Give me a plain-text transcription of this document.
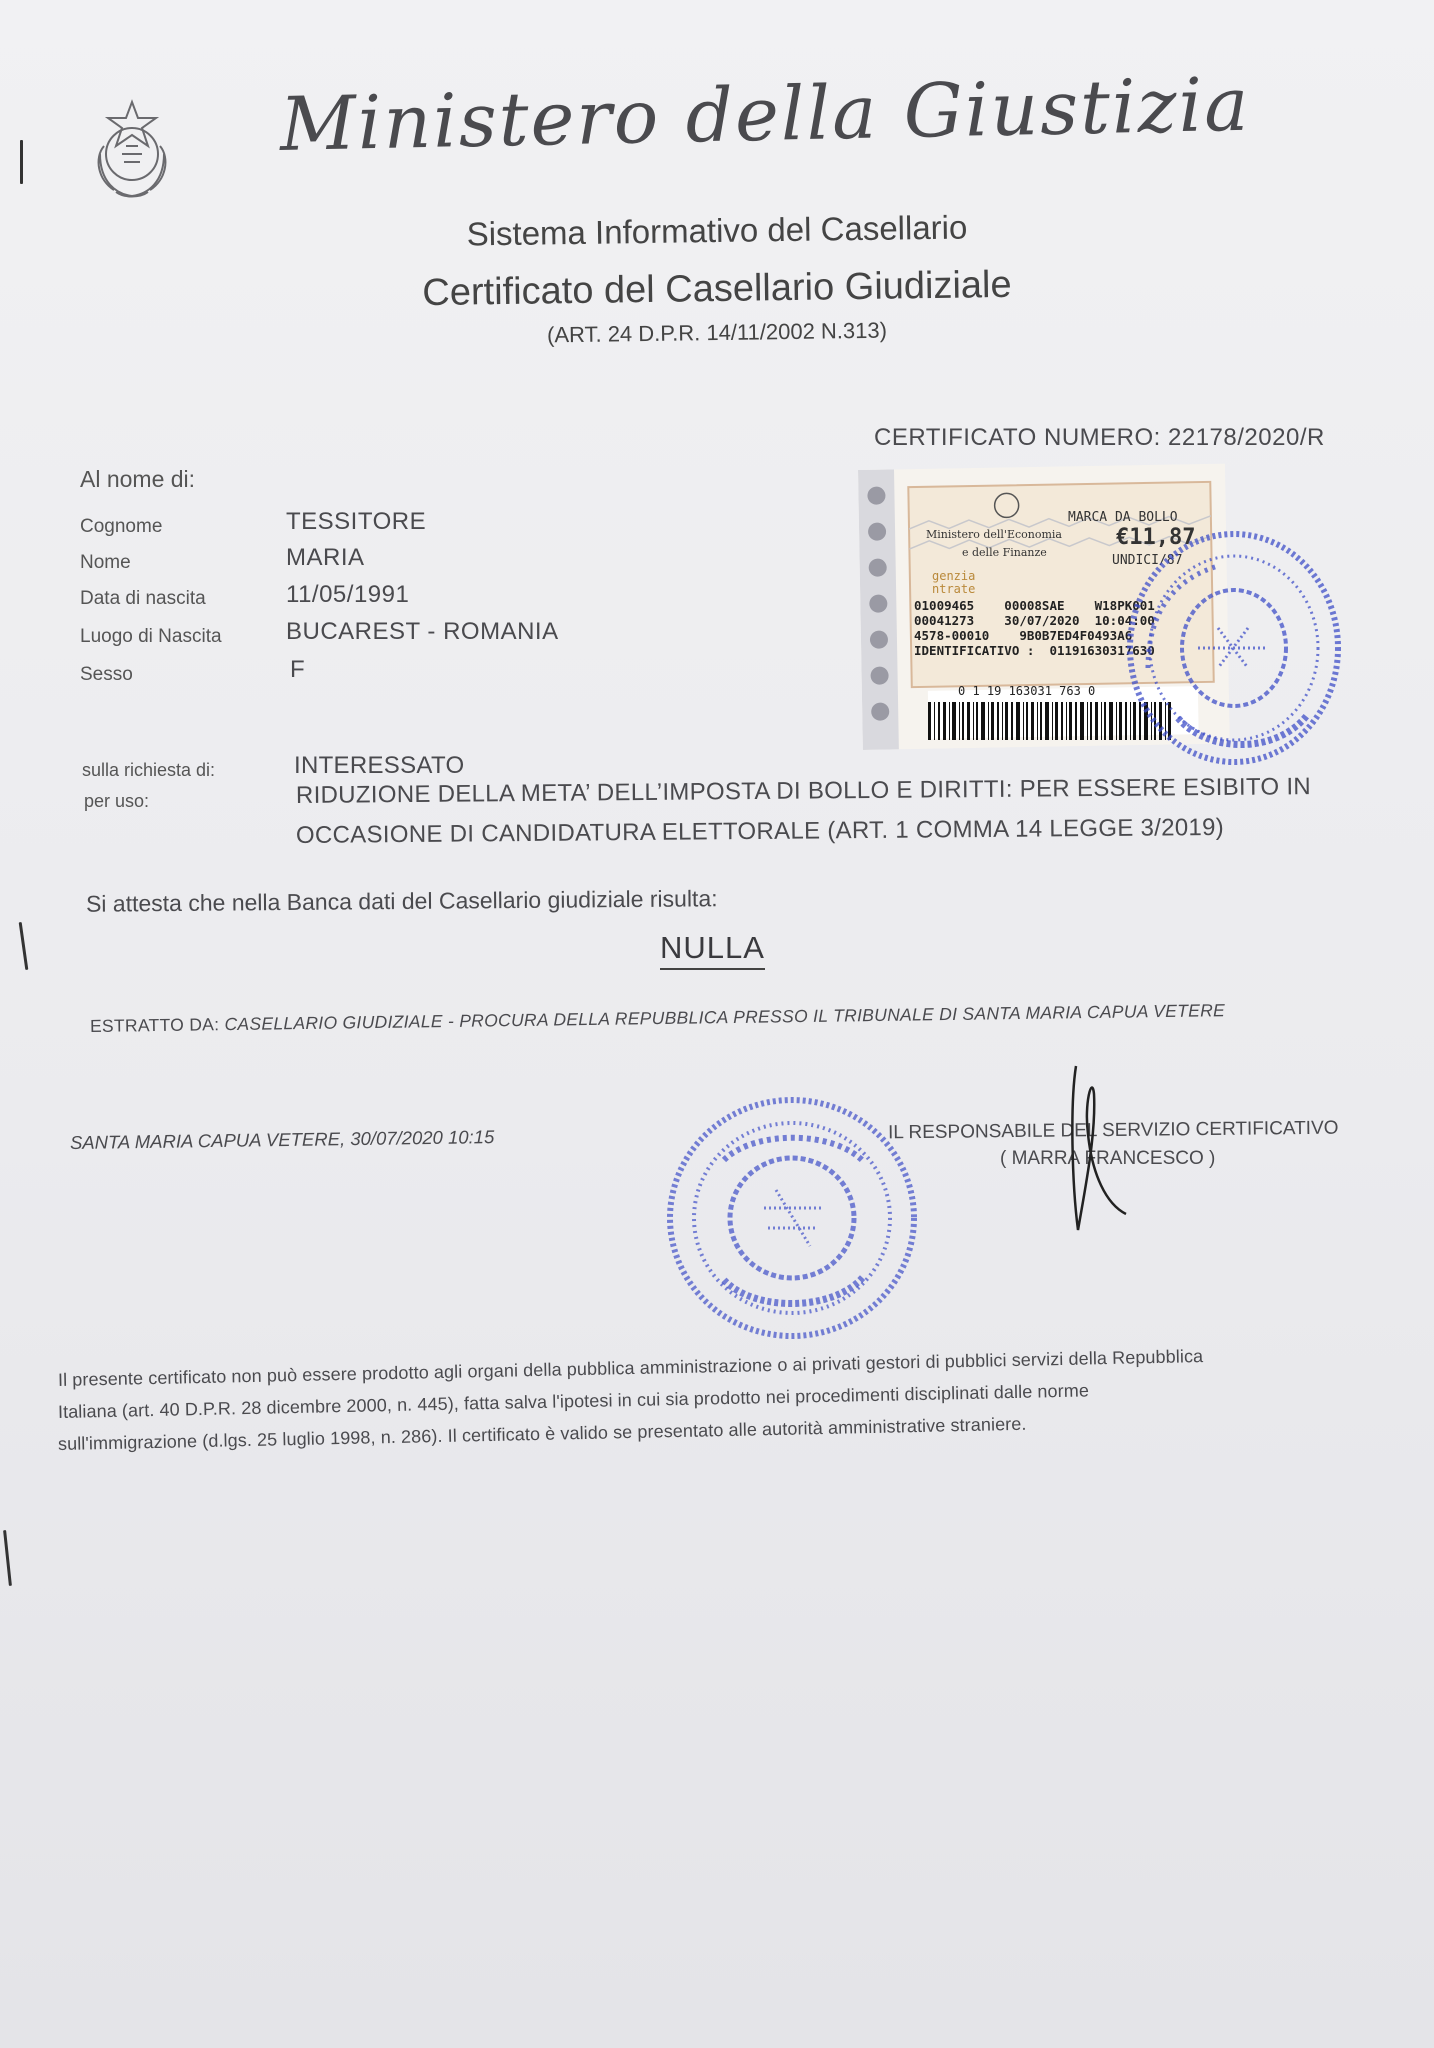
Ministero della Giustizia
Sistema Informativo del Casellario
Certificato del Casellario Giudiziale
(ART. 24 D.P.R. 14/11/2002 N.313)
CERTIFICATO NUMERO: 22178/2020/R
Al nome di:
Cognome	TESSITORE
Nome	MARIA
Data di nascita	11/05/1991
Luogo di Nascita	BUCAREST - ROMANIA
Sesso	F
MARCA DA BOLLO
Ministero dell'Economia
e delle Finanze
€11,87
UNDICI/87
genzia ntrate
01009465    00008SAE    W18PK001
00041273    30/07/2020  10:04:00
4578-00010    9B0B7ED4F0493A6
IDENTIFICATIVO :  01191630317630
0 1 19 163031 763 0
sulla richiesta di:	INTERESSATO
per uso:	RIDUZIONE DELLA META’ DELL’IMPOSTA DI BOLLO E DIRITTI: PER ESSERE ESIBITO IN
OCCASIONE DI CANDIDATURA ELETTORALE (ART. 1 COMMA 14 LEGGE 3/2019)
Si attesta che nella Banca dati del Casellario giudiziale risulta:
NULLA
ESTRATTO DA: CASELLARIO GIUDIZIALE - PROCURA DELLA REPUBBLICA PRESSO IL TRIBUNALE DI SANTA MARIA CAPUA VETERE
SANTA MARIA CAPUA VETERE, 30/07/2020 10:15	IL RESPONSABILE DEL SERVIZIO CERTIFICATIVO
( MARRA FRANCESCO )
Il presente certificato non può essere prodotto agli organi della pubblica amministrazione o ai privati gestori di pubblici servizi della Repubblica
Italiana (art. 40 D.P.R. 28 dicembre 2000, n. 445), fatta salva l'ipotesi in cui sia prodotto nei procedimenti disciplinati dalle norme
sull'immigrazione (d.lgs. 25 luglio 1998, n. 286). Il certificato è valido se presentato alle autorità amministrative straniere.
